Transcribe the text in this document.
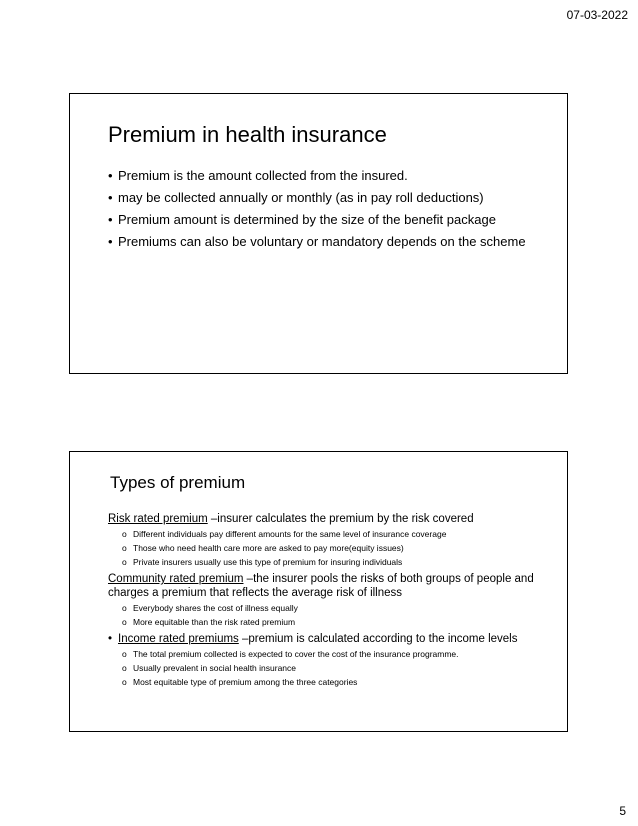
07-03-2022
Premium in health insurance
• Premium is the amount collected from the insured.
• may be collected annually or monthly (as in pay roll deductions)
• Premium amount is determined by the size of the benefit package
• Premiums can also be voluntary or mandatory depends on the scheme
Types of premium

Risk rated premium –insurer calculates the premium by the risk covered

o Different individuals pay different amounts for the same level of insurance coverage
o Those who need health care more are asked to pay more(equity issues)
o Private insurers usually use this type of premium for insuring individuals

Community rated premium –the insurer pools the risks of both groups of people and charges a premium that reflects the average risk of illness

o Everybody shares the cost of illness equally
o More equitable than the risk rated premium

• Income rated premiums –premium is calculated according to the income levels

o The total premium collected is expected to cover the cost of the insurance programme.
o Usually prevalent in social health insurance
o Most equitable type of premium among the three categories
5
